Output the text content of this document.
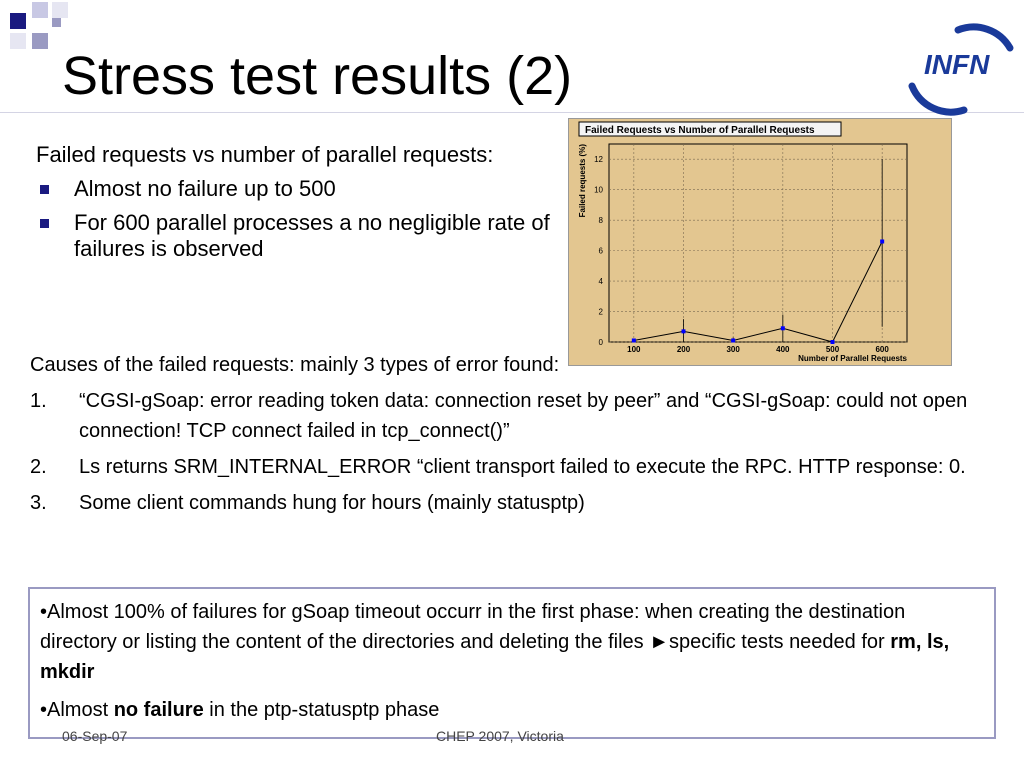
Stress test results (2)	INFN
Failed requests vs number of parallel requests:
Almost no failure up to 500
For 600 parallel processes a no negligible rate of failures is observed
Causes of the failed requests: mainly 3 types of error found:
1. “CGSI-gSoap: error reading token data: connection reset by peer” and “CGSI-gSoap: could not open connection! TCP connect failed in tcp_connect()”
2. Ls returns SRM_INTERNAL_ERROR “client transport failed to execute the RPC. HTTP response: 0.
3. Some client commands hung for hours (mainly statusptp)
Failed Requests vs Number of Parallel Requests
0
2
4
6
8
10
12
100	200	300	400	500	600
Number of Parallel Requests
Failed requests (%)

•Almost 100% of failures for gSoap timeout occurr in the first phase: when creating the destination directory or listing the content of the directories and deleting the files ►specific tests needed for rm, ls, mkdir

•Almost no failure in the ptp-statusptp phase

06-Sep-07	CHEP 2007, Victoria
